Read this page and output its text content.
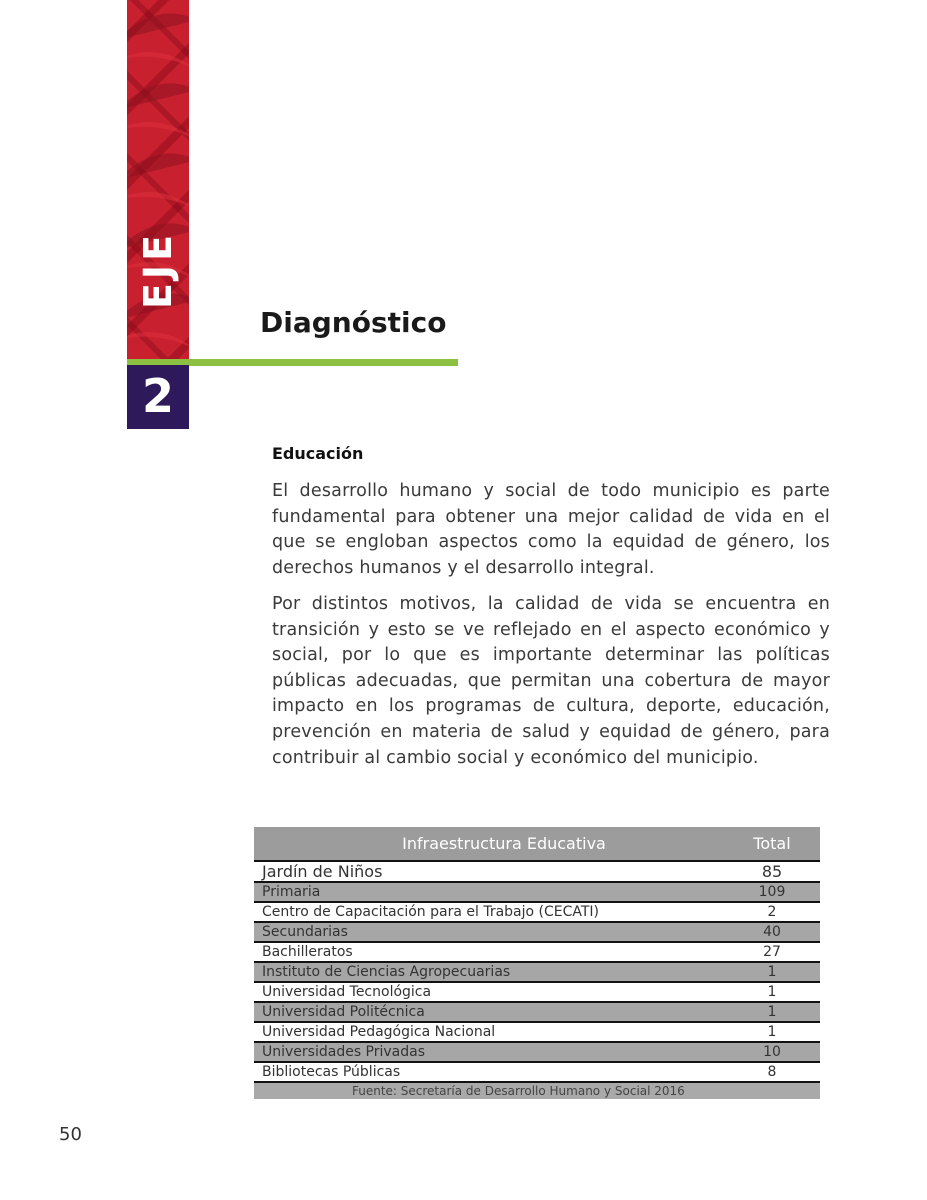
EJE
2
Diagnóstico
Educación

El desarrollo humano y social de todo municipio es parte fundamental para obtener una mejor calidad de vida en el que se engloban aspectos como la equidad de género, los derechos humanos y el desarrollo integral.

Por distintos motivos, la calidad de vida se encuentra en transición y esto se ve reflejado en el aspecto económico y social, por lo que es importante determinar las políticas públicas adecuadas, que permitan una cobertura de mayor impacto en los programas de cultura, deporte, educación, prevención en materia de salud y equidad de género, para contribuir al cambio social y económico del municipio.

Infraestructura Educativa	Total
Jardín de Niños	85
Primaria	109
Centro de Capacitación para el Trabajo (CECATI)	2
Secundarias	40
Bachilleratos	27
Instituto de Ciencias Agropecuarias	1
Universidad Tecnológica	1
Universidad Politécnica	1
Universidad Pedagógica Nacional	1
Universidades Privadas	10
Bibliotecas Públicas	8
Fuente: Secretaría de Desarrollo Humano y Social 2016

50
